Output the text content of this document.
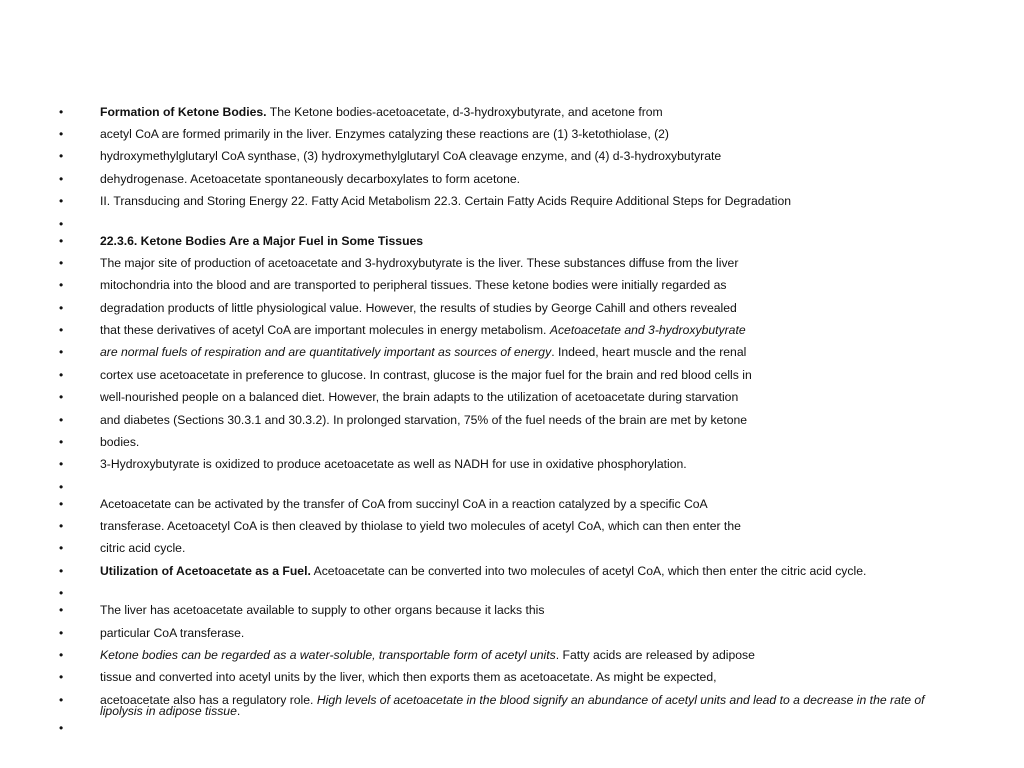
• Formation of Ketone Bodies. The Ketone bodies-acetoacetate, d-3-hydroxybutyrate, and acetone from
• acetyl CoA are formed primarily in the liver. Enzymes catalyzing these reactions are (1) 3-ketothiolase, (2)
• hydroxymethylglutaryl CoA synthase, (3) hydroxymethylglutaryl CoA cleavage enzyme, and (4) d-3-hydroxybutyrate
• dehydrogenase. Acetoacetate spontaneously decarboxylates to form acetone.
• II. Transducing and Storing Energy 22. Fatty Acid Metabolism 22.3. Certain Fatty Acids Require Additional Steps for Degradation
•
• 22.3.6. Ketone Bodies Are a Major Fuel in Some Tissues
• The major site of production of acetoacetate and 3-hydroxybutyrate is the liver. These substances diffuse from the liver
• mitochondria into the blood and are transported to peripheral tissues. These ketone bodies were initially regarded as
• degradation products of little physiological value. However, the results of studies by George Cahill and others revealed
• that these derivatives of acetyl CoA are important molecules in energy metabolism. Acetoacetate and 3-hydroxybutyrate
• are normal fuels of respiration and are quantitatively important as sources of energy. Indeed, heart muscle and the renal
• cortex use acetoacetate in preference to glucose. In contrast, glucose is the major fuel for the brain and red blood cells in
• well-nourished people on a balanced diet. However, the brain adapts to the utilization of acetoacetate during starvation
• and diabetes (Sections 30.3.1 and 30.3.2). In prolonged starvation, 75% of the fuel needs of the brain are met by ketone
• bodies.
• 3-Hydroxybutyrate is oxidized to produce acetoacetate as well as NADH for use in oxidative phosphorylation.
•
• Acetoacetate can be activated by the transfer of CoA from succinyl CoA in a reaction catalyzed by a specific CoA
• transferase. Acetoacetyl CoA is then cleaved by thiolase to yield two molecules of acetyl CoA, which can then enter the
• citric acid cycle.
• Utilization of Acetoacetate as a Fuel. Acetoacetate can be converted into two molecules of acetyl CoA, which then enter the citric acid cycle.
•
• The liver has acetoacetate available to supply to other organs because it lacks this
• particular CoA transferase.
• Ketone bodies can be regarded as a water-soluble, transportable form of acetyl units. Fatty acids are released by adipose
• tissue and converted into acetyl units by the liver, which then exports them as acetoacetate. As might be expected,
• acetoacetate also has a regulatory role. High levels of acetoacetate in the blood signify an abundance of acetyl units and lead to a decrease in the rate of lipolysis in adipose tissue.
•
